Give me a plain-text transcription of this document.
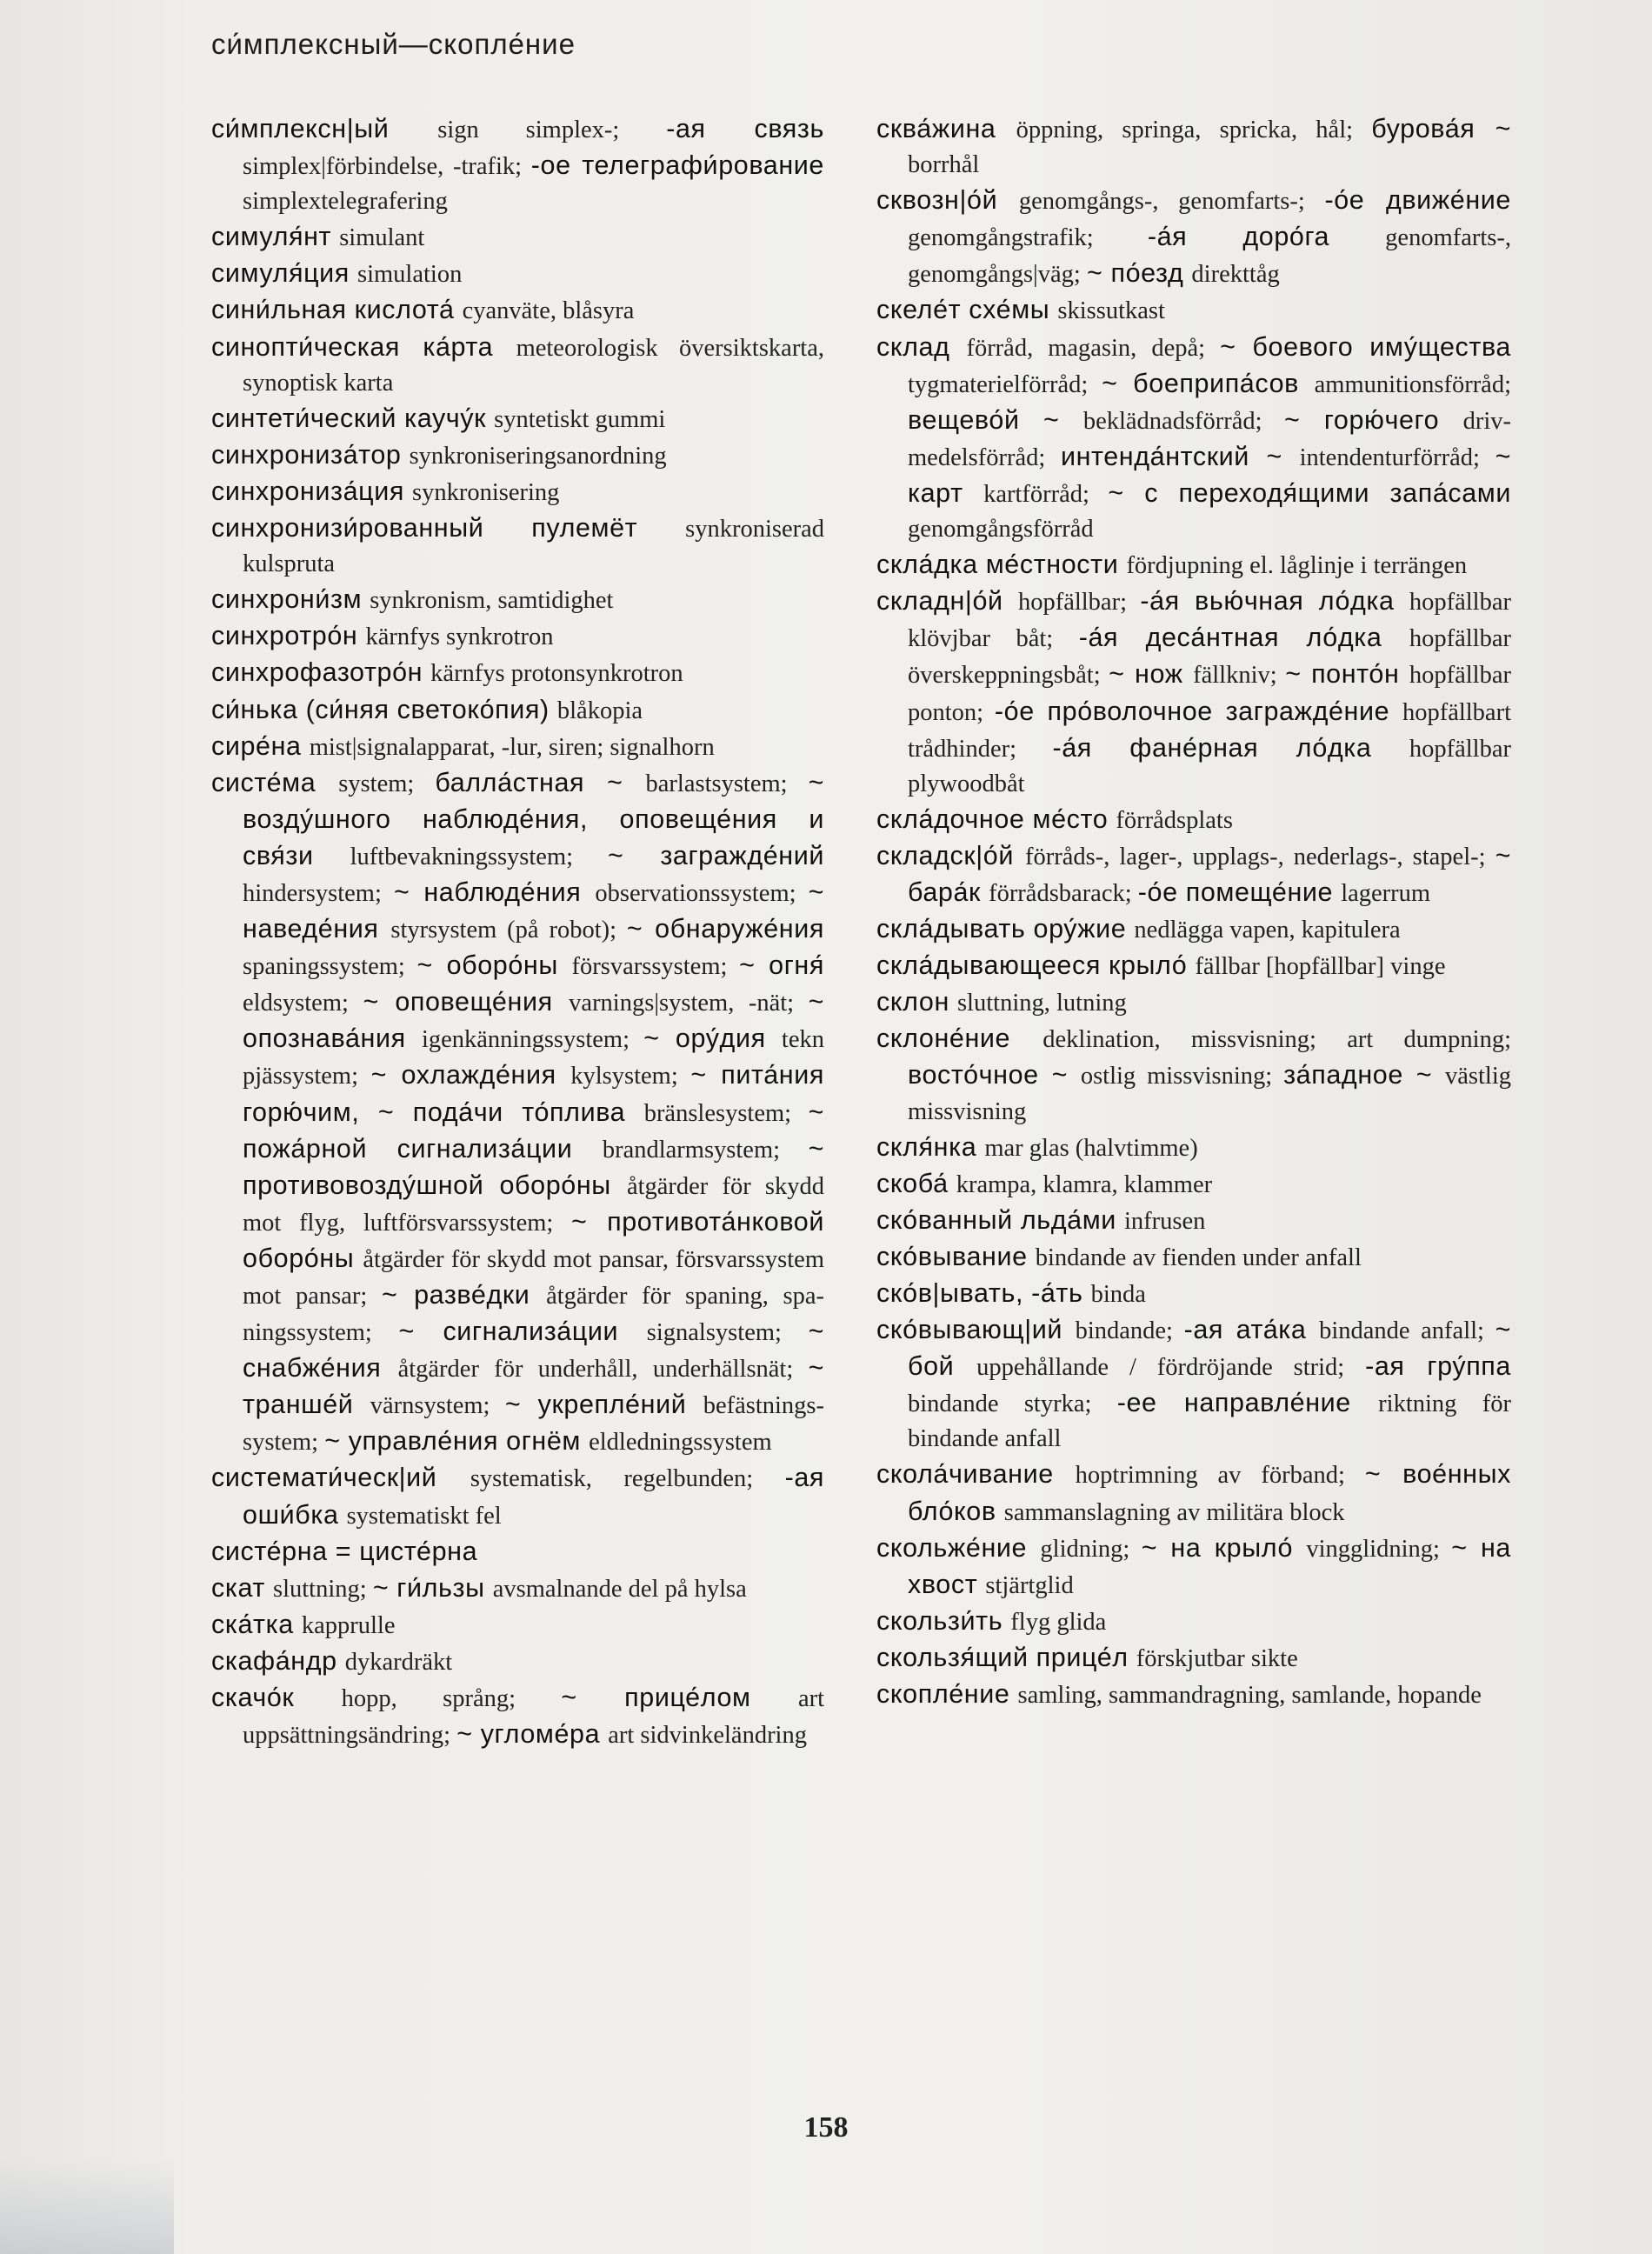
си́мплексный—скопле́ние
си́мплексн|ый sign simplex-; -ая связь simplex|förbindelse, -trafik; -ое телеграфи́рование simplextelegrafering
симуля́нт simulant
симуля́ция simulation
сини́льная кислота́ cyanväte, blåsyra
синопти́ческая ка́рта meteorologisk översiktskarta, synoptisk karta
синтети́ческий каучу́к syntetiskt gummi
синхрониза́тор synkroniseringsanordning
синхрониза́ция synkronisering
синхронизи́рованный пулемёт synkroniserad kulspruta
синхрони́зм synkronism, samtidighet
синхротро́н kärnfys synkrotron
синхрофазотро́н kärnfys protonsynkrotron
си́нька (си́няя светоко́пия) blåkopia
сире́на mist|signalapparat, -lur, siren; signalhorn
систе́ма system; балла́стная ~ barlastsystem; ~ возду́шного наблюде́ния, оповеще́ния и свя́зи luftbevakningssystem; ~ загражде́ний hindersystem; ~ наблюде́ния observationssystem; ~ наведе́ния styrsystem (på robot); ~ обнаруже́ния spaningssystem; ~ оборо́ны försvarssystem; ~ огня́ eldsystem; ~ оповеще́ния varnings|system, -nät; ~ опознава́ния igenkänningssystem; ~ ору́дия tekn pjässystem; ~ охлажде́ния kylsystem; ~ пита́ния горю́чим, ~ пода́чи то́плива bränslesystem; ~ пожа́рной сигнализа́ции brandlarmsystem; ~ противовозду́шной оборо́ны åtgärder för skydd mot flyg, luftförsvarssystem; ~ противота́нковой оборо́ны åtgärder för skydd mot pansar, försvarssystem mot pansar; ~ разве́дки åtgärder för spaning, spaningssystem; ~ сигнализа́ции signalsystem; ~ снабже́ния åtgärder för underhåll, underhällsnät; ~ транше́й värnsystem; ~ укрепле́ний befästningssystem; ~ управле́ния огнём eldledningssystem
системати́ческ|ий systematisk, regelbunden; -ая оши́бка systematiskt fel
систе́рна = цисте́рна
скат sluttning; ~ ги́льзы avsmalnande del på hylsa
ска́тка kapprulle
скафа́ндр dykardräkt
скачо́к hopp, språng; ~ прице́лом art uppsättningsändring; ~ угломе́ра art sidvinkeländring
сква́жина öppning, springa, spricka, hål; бурова́я ~ borrhål
сквозн|о́й genomgångs-, genomfarts-; -о́е движе́ние genomgångstrafik; -а́я доро́га genomfarts-, genomgångs|väg; ~ по́езд direkttåg
скеле́т схе́мы skissutkast
склад förråd, magasin, depå; ~ боевого иму́щества tygmaterielförråd; ~ боеприпа́сов ammunitionsförråd; вещево́й ~ beklädnadsförråd; ~ горю́чего drivmedelsförråd; интенда́нтский ~ intendenturförråd; ~ карт kartförråd; ~ с переходя́щими запа́сами genomgångsförråd
скла́дка ме́стности fördjupning el. låglinje i terrängen
складн|о́й hopfällbar; -а́я вью́чная ло́дка hopfällbar klövjbar båt; -а́я деса́нтная ло́дка hopfällbar överskeppningsbåt; ~ нож fällkniv; ~ понто́н hopfällbar ponton; -о́е про́волочное загражде́ние hopfällbart trådhinder; -а́я фане́рная ло́дка hopfällbar plywoodbåt
скла́дочное ме́сто förrådsplats
складск|о́й förråds-, lager-, upplags-, nederlags-, stapel-; ~ бара́к förrådsbarack; -о́е помеще́ние lagerrum
скла́дывать ору́жие nedlägga vapen, kapitulera
скла́дывающееся крыло́ fällbar [hopfällbar] vinge
склон sluttning, lutning
склоне́ние deklination, missvisning; art dumpning; восто́чное ~ ostlig missvisning; за́падное ~ västlig missvisning
скля́нка mar glas (halvtimme)
скоба́ krampa, klamra, klammer
ско́ванный льда́ми infrusen
ско́вывание bindande av fienden under anfall
ско́в|ывать, -а́ть binda
ско́вывающ|ий bindande; -ая ата́ка bindande anfall; ~ бой uppehållande / fördröjande strid; -ая гру́ппа bindande styrka; -ее направле́ние riktning för bindande anfall
скола́чивание hoptrimning av förband; ~ вое́нных бло́ков sammanslagning av militära block
скольже́ние glidning; ~ на крыло́ vingglidning; ~ на хвост stjärtglid
скользи́ть flyg glida
скользя́щий прице́л förskjutbar sikte
скопле́ние samling, sammandragning, samlande, hopande
158
